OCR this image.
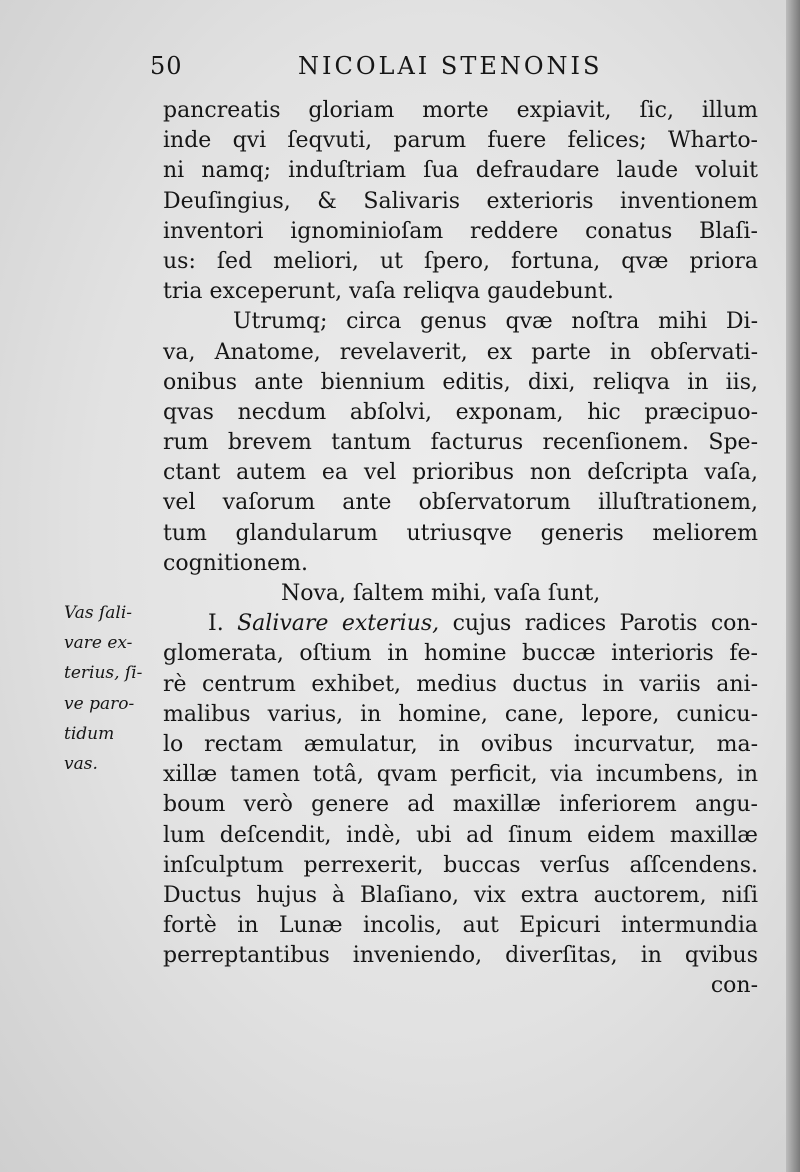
50	NICOLAI STENONIS
pancreatis gloriam morte expiavit, ſic, illum
inde qvi ſeqvuti, parum fuere felices; Wharto-
ni namq; induſtriam ſua defraudare laude voluit
Deuſingius, & Salivaris exterioris inventionem
inventori ignominioſam reddere conatus Blaſi-
us: ſed meliori, ut ſpero, fortuna, qvæ priora
tria exceperunt, vaſa reliqva gaudebunt.
Utrumq; circa genus qvæ noſtra mihi Di-
va, Anatome, revelaverit, ex parte in obſervati-
onibus ante biennium editis, dixi, reliqva in iis,
qvas necdum abſolvi, exponam, hic præcipuo-
rum brevem tantum facturus recenſionem. Spe-
ctant autem ea vel prioribus non deſcripta vaſa,
vel vaſorum ante obſervatorum illuſtrationem,
tum glandularum utriusqve generis meliorem
cognitionem.
Nova, ſaltem mihi, vaſa ſunt,
I. Salivare exterius, cujus radices Parotis con-
glomerata, oſtium in homine buccæ interioris fe-
rè centrum exhibet, medius ductus in variis ani-
malibus varius, in homine, cane, lepore, cunicu-
lo rectam æmulatur, in ovibus incurvatur, ma-
xillæ tamen totâ, qvam perficit, via incumbens, in
boum verò genere ad maxillæ inferiorem angu-
lum deſcendit, indè, ubi ad ſinum eidem maxillæ
inſculptum perrexerit, buccas verſus aſſcendens.
Ductus hujus à Blaſiano, vix extra auctorem, niſi
fortè in Lunæ incolis, aut Epicuri intermundia
perreptantibus inveniendo, diverſitas, in qvibus
con-
Vas ſali-
vare ex-
terius, ſi-
ve paro-
tidum
vas.
